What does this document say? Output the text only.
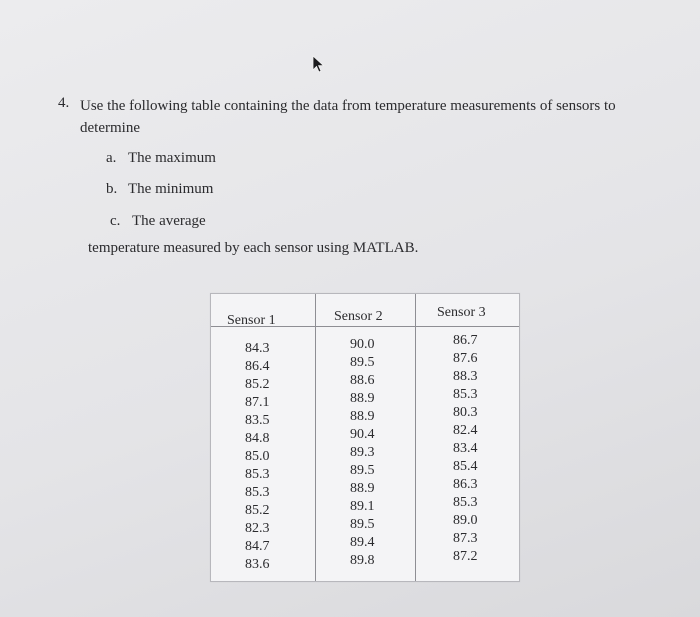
4. Use the following table containing the data from temperature measurements of sensors to determine
a. The maximum
b. The minimum
c. The average
temperature measured by each sensor using MATLAB.
Sensor 1	Sensor 2	Sensor 3
84.3
86.4
85.2
87.1
83.5
84.8
85.0
85.3
85.3
85.2
82.3
84.7
83.6
90.0
89.5
88.6
88.9
88.9
90.4
89.3
89.5
88.9
89.1
89.5
89.4
89.8
86.7
87.6
88.3
85.3
80.3
82.4
83.4
85.4
86.3
85.3
89.0
87.3
87.2
